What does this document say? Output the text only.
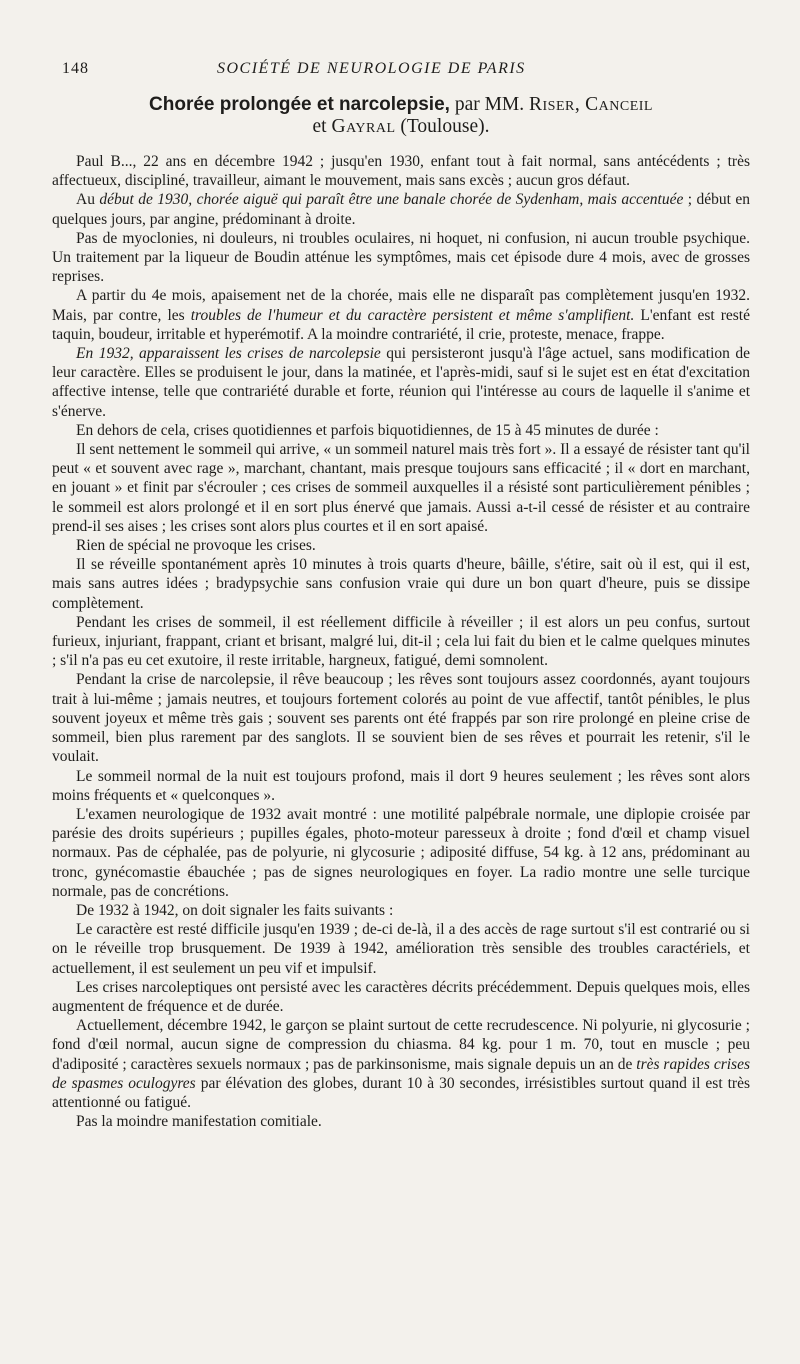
148	SOCIÉTÉ DE NEUROLOGIE DE PARIS
Chorée prolongée et narcolepsie, par MM. Riser, Canceil
et Gayral (Toulouse).

Paul B..., 22 ans en décembre 1942 ; jusqu'en 1930, enfant tout à fait normal, sans antécédents ; très affectueux, discipliné, travailleur, aimant le mouvement, mais sans excès ; aucun gros défaut.

Au début de 1930, chorée aiguë qui paraît être une banale chorée de Sydenham, mais accentuée ; début en quelques jours, par angine, prédominant à droite.

Pas de myoclonies, ni douleurs, ni troubles oculaires, ni hoquet, ni confusion, ni aucun trouble psychique. Un traitement par la liqueur de Boudin atténue les symptômes, mais cet épisode dure 4 mois, avec de grosses reprises.

A partir du 4e mois, apaisement net de la chorée, mais elle ne disparaît pas complètement jusqu'en 1932. Mais, par contre, les troubles de l'humeur et du caractère persistent et même s'amplifient. L'enfant est resté taquin, boudeur, irritable et hyperémotif. A la moindre contrariété, il crie, proteste, menace, frappe.

En 1932, apparaissent les crises de narcolepsie qui persisteront jusqu'à l'âge actuel, sans modification de leur caractère. Elles se produisent le jour, dans la matinée, et l'après-midi, sauf si le sujet est en état d'excitation affective intense, telle que contrariété durable et forte, réunion qui l'intéresse au cours de laquelle il s'anime et s'énerve.

En dehors de cela, crises quotidiennes et parfois biquotidiennes, de 15 à 45 minutes de durée :

Il sent nettement le sommeil qui arrive, « un sommeil naturel mais très fort ». Il a essayé de résister tant qu'il peut « et souvent avec rage », marchant, chantant, mais presque toujours sans efficacité ; il « dort en marchant, en jouant » et finit par s'écrouler ; ces crises de sommeil auxquelles il a résisté sont particulièrement pénibles ; le sommeil est alors prolongé et il en sort plus énervé que jamais. Aussi a-t-il cessé de résister et au contraire prend-il ses aises ; les crises sont alors plus courtes et il en sort apaisé.

Rien de spécial ne provoque les crises.

Il se réveille spontanément après 10 minutes à trois quarts d'heure, bâille, s'étire, sait où il est, qui il est, mais sans autres idées ; bradypsychie sans confusion vraie qui dure un bon quart d'heure, puis se dissipe complètement.

Pendant les crises de sommeil, il est réellement difficile à réveiller ; il est alors un peu confus, surtout furieux, injuriant, frappant, criant et brisant, malgré lui, dit-il ; cela lui fait du bien et le calme quelques minutes ; s'il n'a pas eu cet exutoire, il reste irritable, hargneux, fatigué, demi somnolent.

Pendant la crise de narcolepsie, il rêve beaucoup ; les rêves sont toujours assez coordonnés, ayant toujours trait à lui-même ; jamais neutres, et toujours fortement colorés au point de vue affectif, tantôt pénibles, le plus souvent joyeux et même très gais ; souvent ses parents ont été frappés par son rire prolongé en pleine crise de sommeil, bien plus rarement par des sanglots. Il se souvient bien de ses rêves et pourrait les retenir, s'il le voulait.

Le sommeil normal de la nuit est toujours profond, mais il dort 9 heures seulement ; les rêves sont alors moins fréquents et « quelconques ».

L'examen neurologique de 1932 avait montré : une motilité palpébrale normale, une diplopie croisée par parésie des droits supérieurs ; pupilles égales, photo-moteur paresseux à droite ; fond d'œil et champ visuel normaux. Pas de céphalée, pas de polyurie, ni glycosurie ; adiposité diffuse, 54 kg. à 12 ans, prédominant au tronc, gynécomastie ébauchée ; pas de signes neurologiques en foyer. La radio montre une selle turcique normale, pas de concrétions.

De 1932 à 1942, on doit signaler les faits suivants :

Le caractère est resté difficile jusqu'en 1939 ; de-ci de-là, il a des accès de rage surtout s'il est contrarié ou si on le réveille trop brusquement. De 1939 à 1942, amélioration très sensible des troubles caractériels, et actuellement, il est seulement un peu vif et impulsif.

Les crises narcoleptiques ont persisté avec les caractères décrits précédemment. Depuis quelques mois, elles augmentent de fréquence et de durée.

Actuellement, décembre 1942, le garçon se plaint surtout de cette recrudescence. Ni polyurie, ni glycosurie ; fond d'œil normal, aucun signe de compression du chiasma. 84 kg. pour 1 m. 70, tout en muscle ; peu d'adiposité ; caractères sexuels normaux ; pas de parkinsonisme, mais signale depuis un an de très rapides crises de spasmes oculogyres par élévation des globes, durant 10 à 30 secondes, irrésistibles surtout quand il est très attentionné ou fatigué.

Pas la moindre manifestation comitiale.
